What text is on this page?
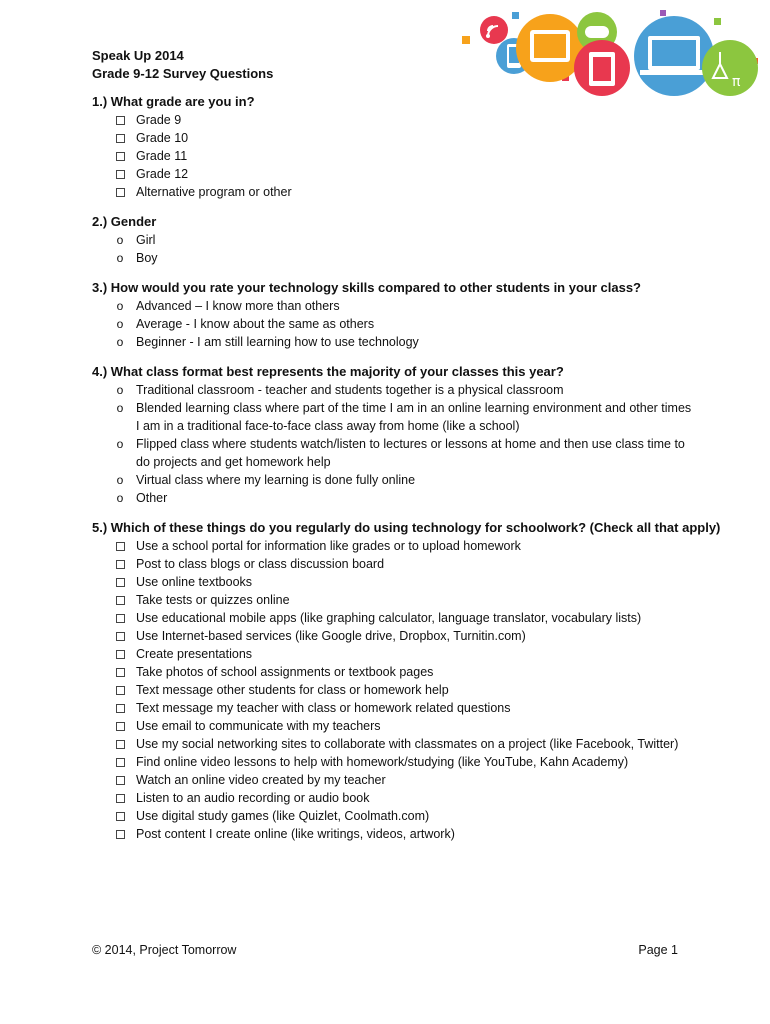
π
Speak Up 2014
Grade 9-12 Survey Questions
1.) What grade are you in?
Grade 9
Grade 10
Grade 11
Grade 12
Alternative program or other
2.) Gender
o Girl
o Boy
3.) How would you rate your technology skills compared to other students in your class?
o Advanced – I know more than others
o Average - I know about the same as others
o Beginner - I am still learning how to use technology
4.) What class format best represents the majority of your classes this year?
o Traditional classroom - teacher and students together is a physical classroom
o Blended learning class where part of the time I am in an online learning environment and other times I am in a traditional face-to-face class away from home (like a school)
o Flipped class where students watch/listen to lectures or lessons at home and then use class time to do projects and get homework help
o Virtual class where my learning is done fully online
o Other
5.) Which of these things do you regularly do using technology for schoolwork? (Check all that apply)
Use a school portal for information like grades or to upload homework
Post to class blogs or class discussion board
Use online textbooks
Take tests or quizzes online
Use educational mobile apps (like graphing calculator, language translator, vocabulary lists)
Use Internet-based services (like Google drive, Dropbox, Turnitin.com)
Create presentations
Take photos of school assignments or textbook pages
Text message other students for class or homework help
Text message my teacher with class or homework related questions
Use email to communicate with my teachers
Use my social networking sites to collaborate with classmates on a project (like Facebook, Twitter)
Find online video lessons to help with homework/studying (like YouTube, Kahn Academy)
Watch an online video created by my teacher
Listen to an audio recording or audio book
Use digital study games (like Quizlet, Coolmath.com)
Post content I create online (like writings, videos, artwork)
© 2014, Project Tomorrow	Page 1
